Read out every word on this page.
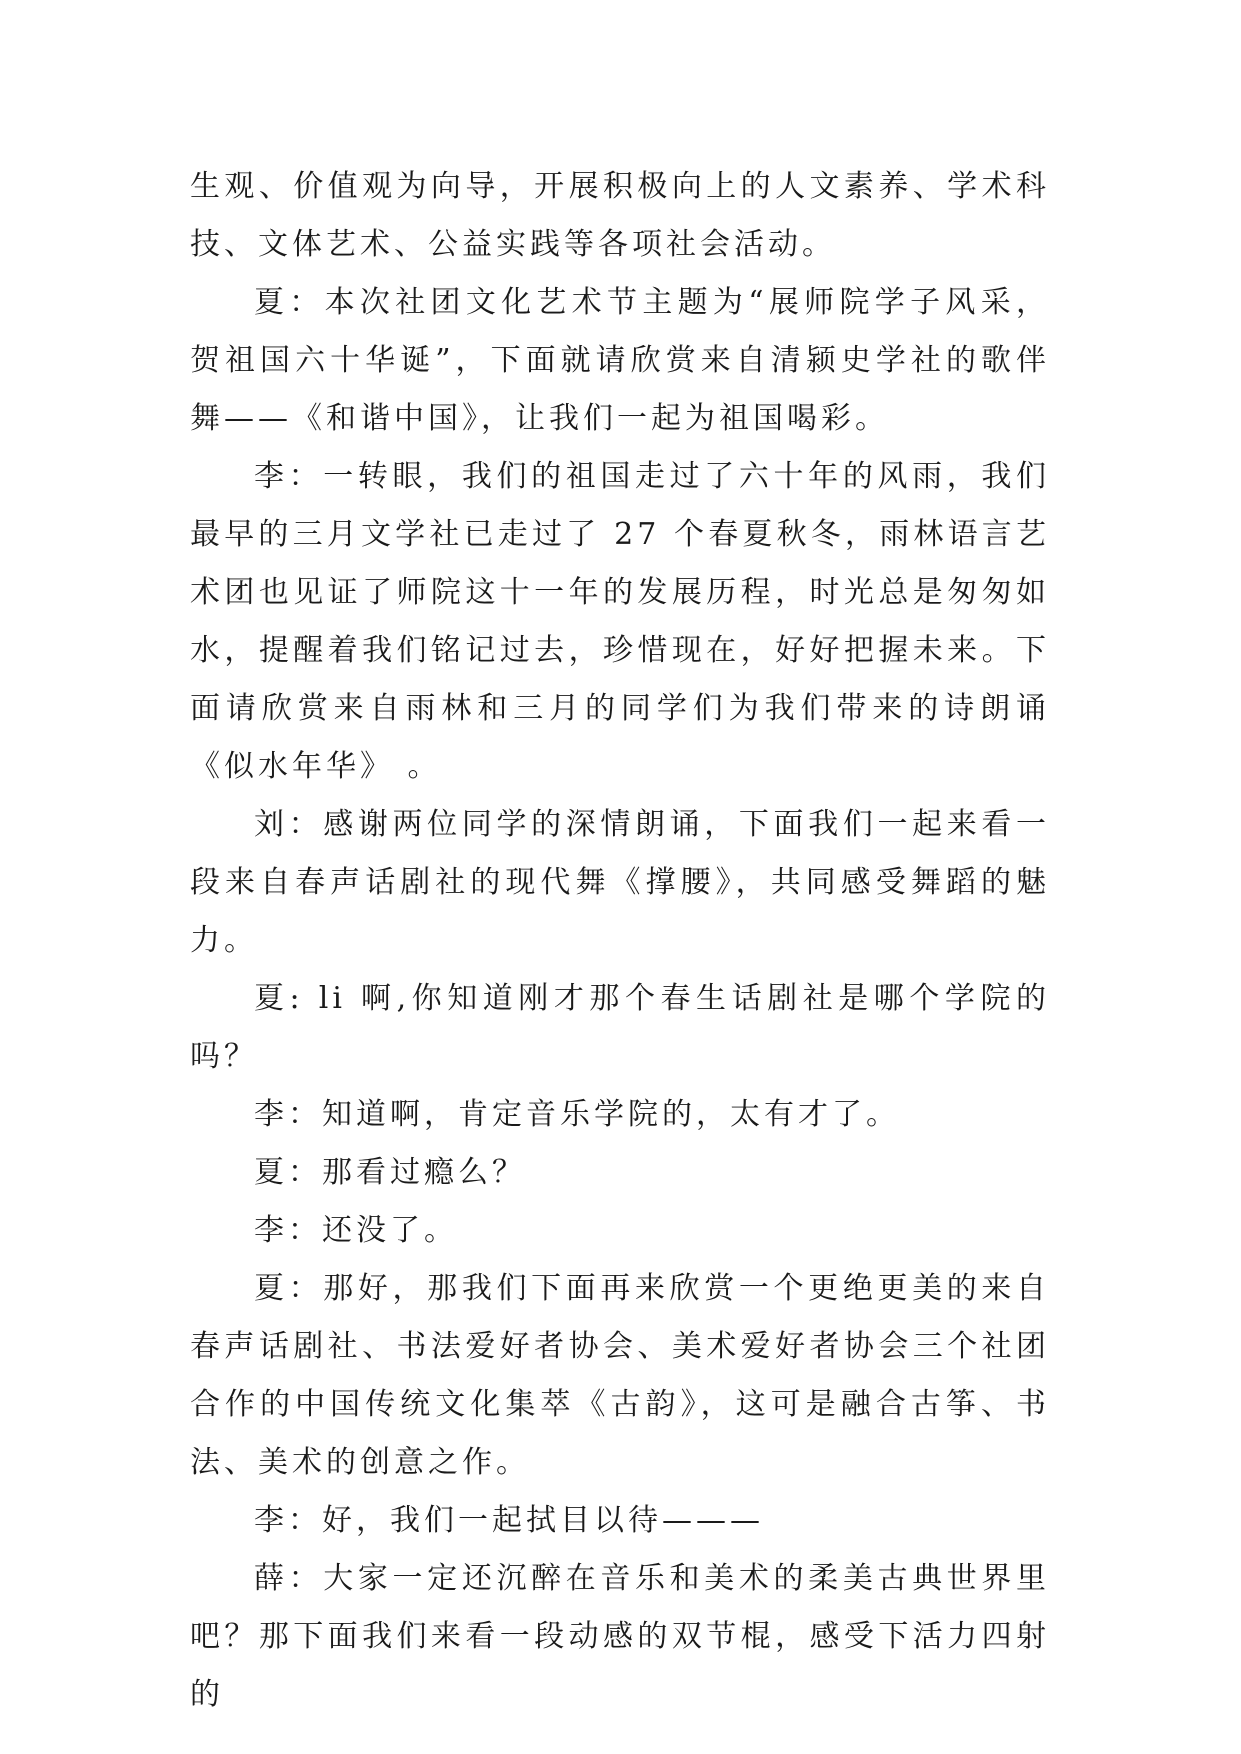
生观、价值观为向导，开展积极向上的人文素养、学术科技、文体艺术、公益实践等各项社会活动。

夏：本次社团文化艺术节主题为“展师院学子风采，贺祖国六十华诞”，下面就请欣赏来自清颍史学社的歌伴舞——《和谐中国》，让我们一起为祖国喝彩。

李：一转眼，我们的祖国走过了六十年的风雨，我们最早的三月文学社已走过了 27 个春夏秋冬，雨林语言艺术团也见证了师院这十一年的发展历程，时光总是匆匆如水，提醒着我们铭记过去，珍惜现在，好好把握未来。下面请欣赏来自雨林和三月的同学们为我们带来的诗朗诵《似水年华》 。

刘：感谢两位同学的深情朗诵，下面我们一起来看一段来自春声话剧社的现代舞《撑腰》，共同感受舞蹈的魅力。

夏: li 啊,你知道刚才那个春生话剧社是哪个学院的吗？

李：知道啊，肯定音乐学院的，太有才了。

夏：那看过瘾么？

李：还没了。

夏：那好，那我们下面再来欣赏一个更绝更美的来自春声话剧社、书法爱好者协会、美术爱好者协会三个社团合作的中国传统文化集萃《古韵》，这可是融合古筝、书法、美术的创意之作。

李：好，我们一起拭目以待———

薛：大家一定还沉醉在音乐和美术的柔美古典世界里吧？那下面我们来看一段动感的双节棍，感受下活力四射的
